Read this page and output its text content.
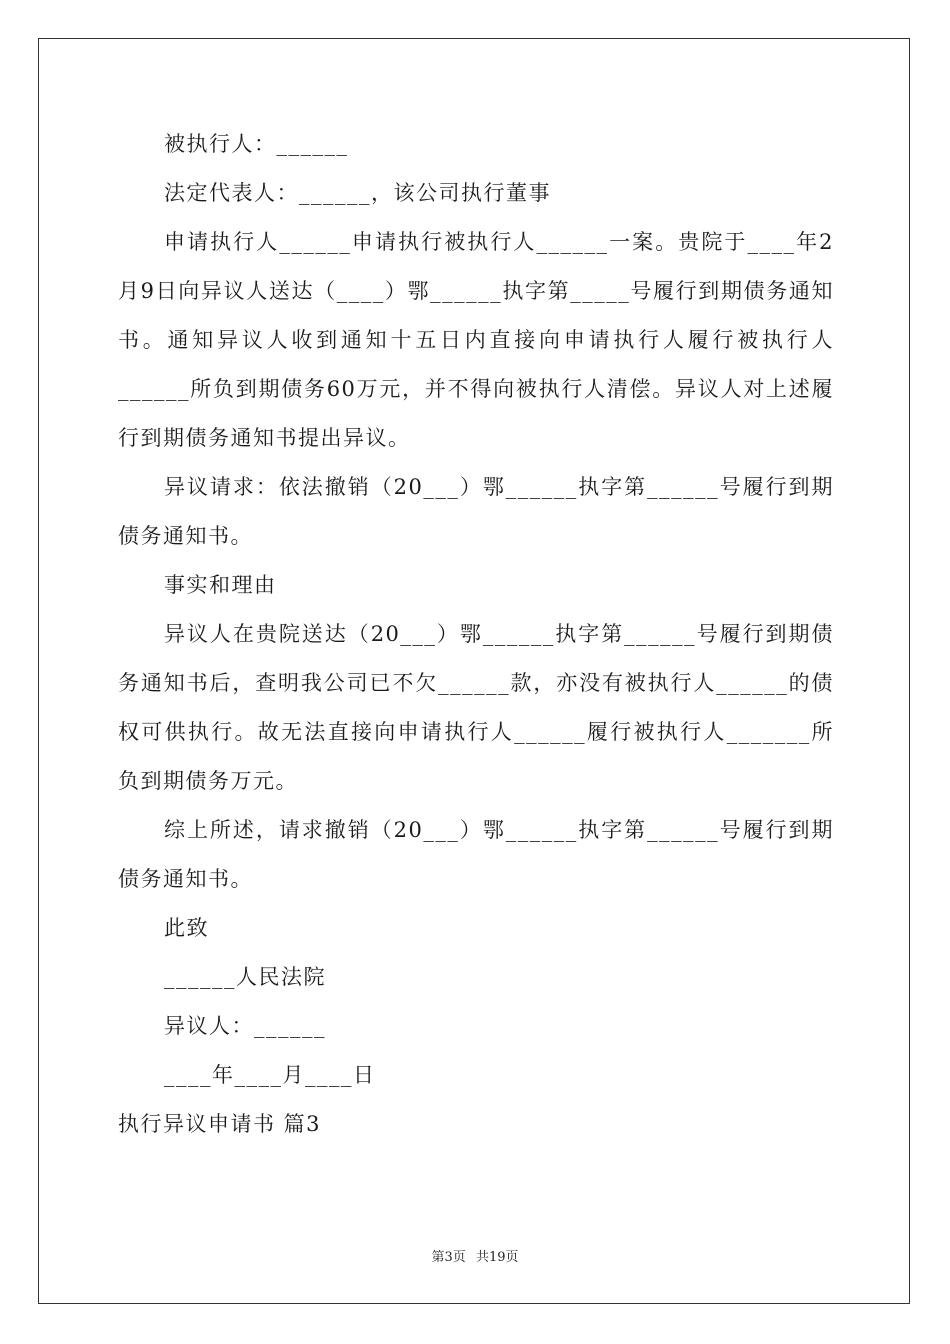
被执行人：______

法定代表人：______，该公司执行董事

申请执行人______申请执行被执行人______一案。贵院于____年2月9日向异议人送达（____）鄂______执字第_____号履行到期债务通知书。通知异议人收到通知十五日内直接向申请执行人履行被执行人______所负到期债务60万元，并不得向被执行人清偿。异议人对上述履行到期债务通知书提出异议。

异议请求：依法撤销（20___）鄂______执字第______号履行到期债务通知书。

事实和理由

异议人在贵院送达（20___）鄂______执字第______号履行到期债务通知书后，查明我公司已不欠______款，亦没有被执行人______的债权可供执行。故无法直接向申请执行人______履行被执行人_______所负到期债务万元。

综上所述，请求撤销（20___）鄂______执字第______号履行到期债务通知书。

此致

______人民法院

异议人：______

____年____月____日

执行异议申请书 篇3

第3页 共19页
